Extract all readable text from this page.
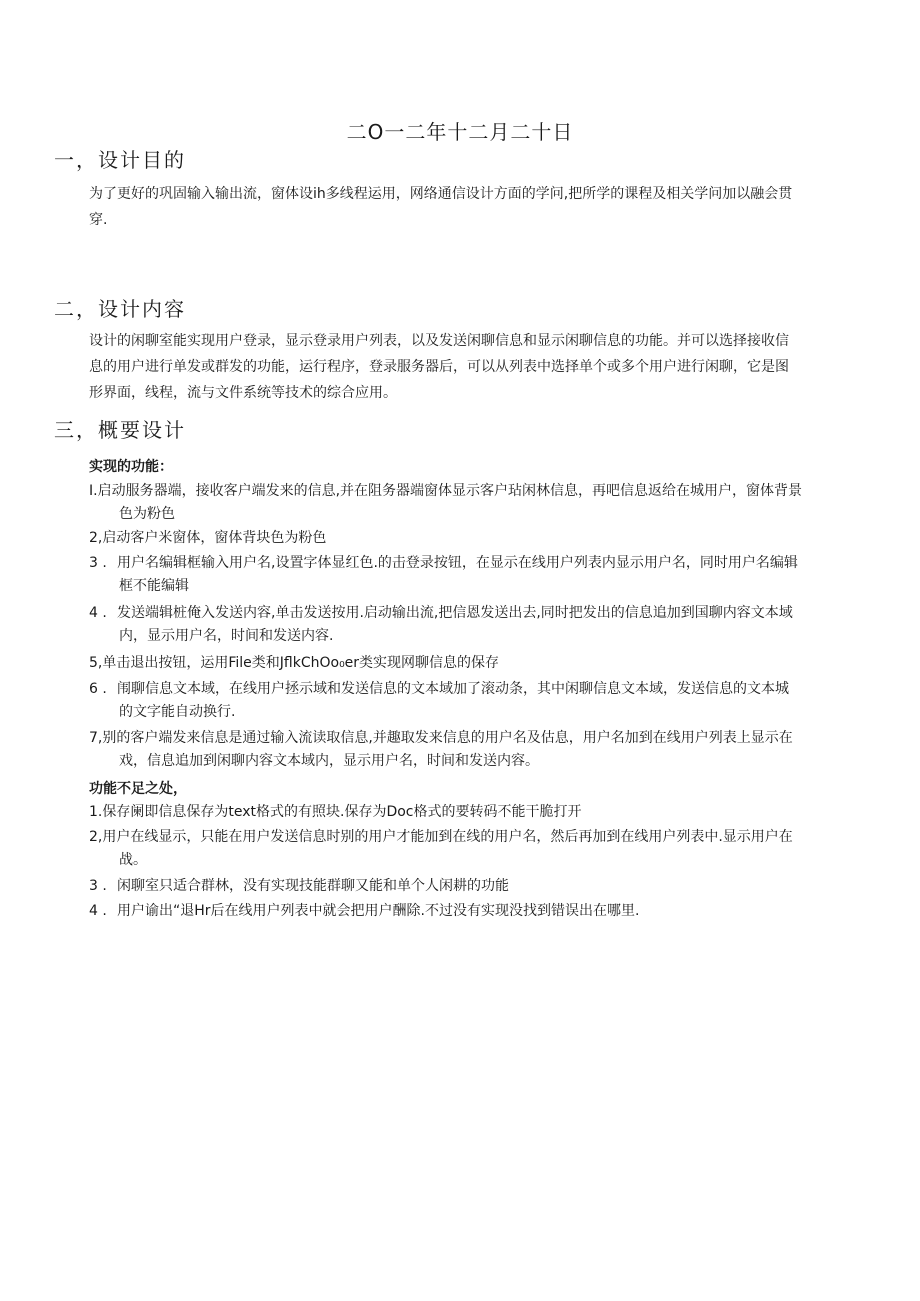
二O一二年十二月二十日
一，设计目的
为了更好的巩固输入输出流，窗体设ih多线程运用，网络通信设计方面的学问,把所学的课程及相关学问加以融会贯
穿.
二，设计内容
设计的闲聊室能实现用户登录，显示登录用户列表，以及发送闲聊信息和显示闲聊信息的功能。并可以选择接收信
息的用户进行单发或群发的功能，运行程序，登录服务器后，可以从列表中选择单个或多个用户进行闲聊，它是图
形界面，线程，流与文件系统等技术的综合应用。
三，概要设计
实现的功能：
I.启动服务器端，接收客户端发来的信息,并在阻务器端窗体显示客户玷闲林信息，再吧信息返给在城用户，窗体背景
色为粉色
2,启动客户米窗体，窗体背块色为粉色
3 . 用户名编辑框输入用户名,设置字体显红色.的击登录按钮，在显示在线用户列表内显示用户名，同时用户名编辑
框不能编辑
4 . 发送端辑桩俺入发送内容,单击发送按用.启动输出流,把信恩发送出去,同时把发出的信息追加到国聊内容文本域
内，显示用户名，时间和发送内容.
5,单击退出按钮，运用File类和JflkChOo₀er类实现网聊信息的保存
6 . 闱聊信息文本域，在线用户拯示域和发送信息的文本域加了滚动条，其中闲聊信息文本域，发送信息的文本城
的文字能自动换行.
7,别的客户端发来信息是通过输入流读取信息,并趣取发来信息的用户名及估息，用户名加到在线用户列表上显示在
戏，信息追加到闲聊内容文本域内，显示用户名，时间和发送内容。
功能不足之处，
1.保存阑即信息保存为text格式的有照块.保存为Doc格式的要转码不能干脆打开
2,用户在线显示，只能在用户发送信息时别的用户才能加到在线的用户名，然后再加到在线用户列表中.显示用户在
战。
3 . 闲聊室只适合群林，没有实现技能群聊又能和单个人闲耕的功能
4 . 用户谕出“退Hr后在线用户列表中就会把用户酬除.不过没有实现没找到错误出在哪里.
